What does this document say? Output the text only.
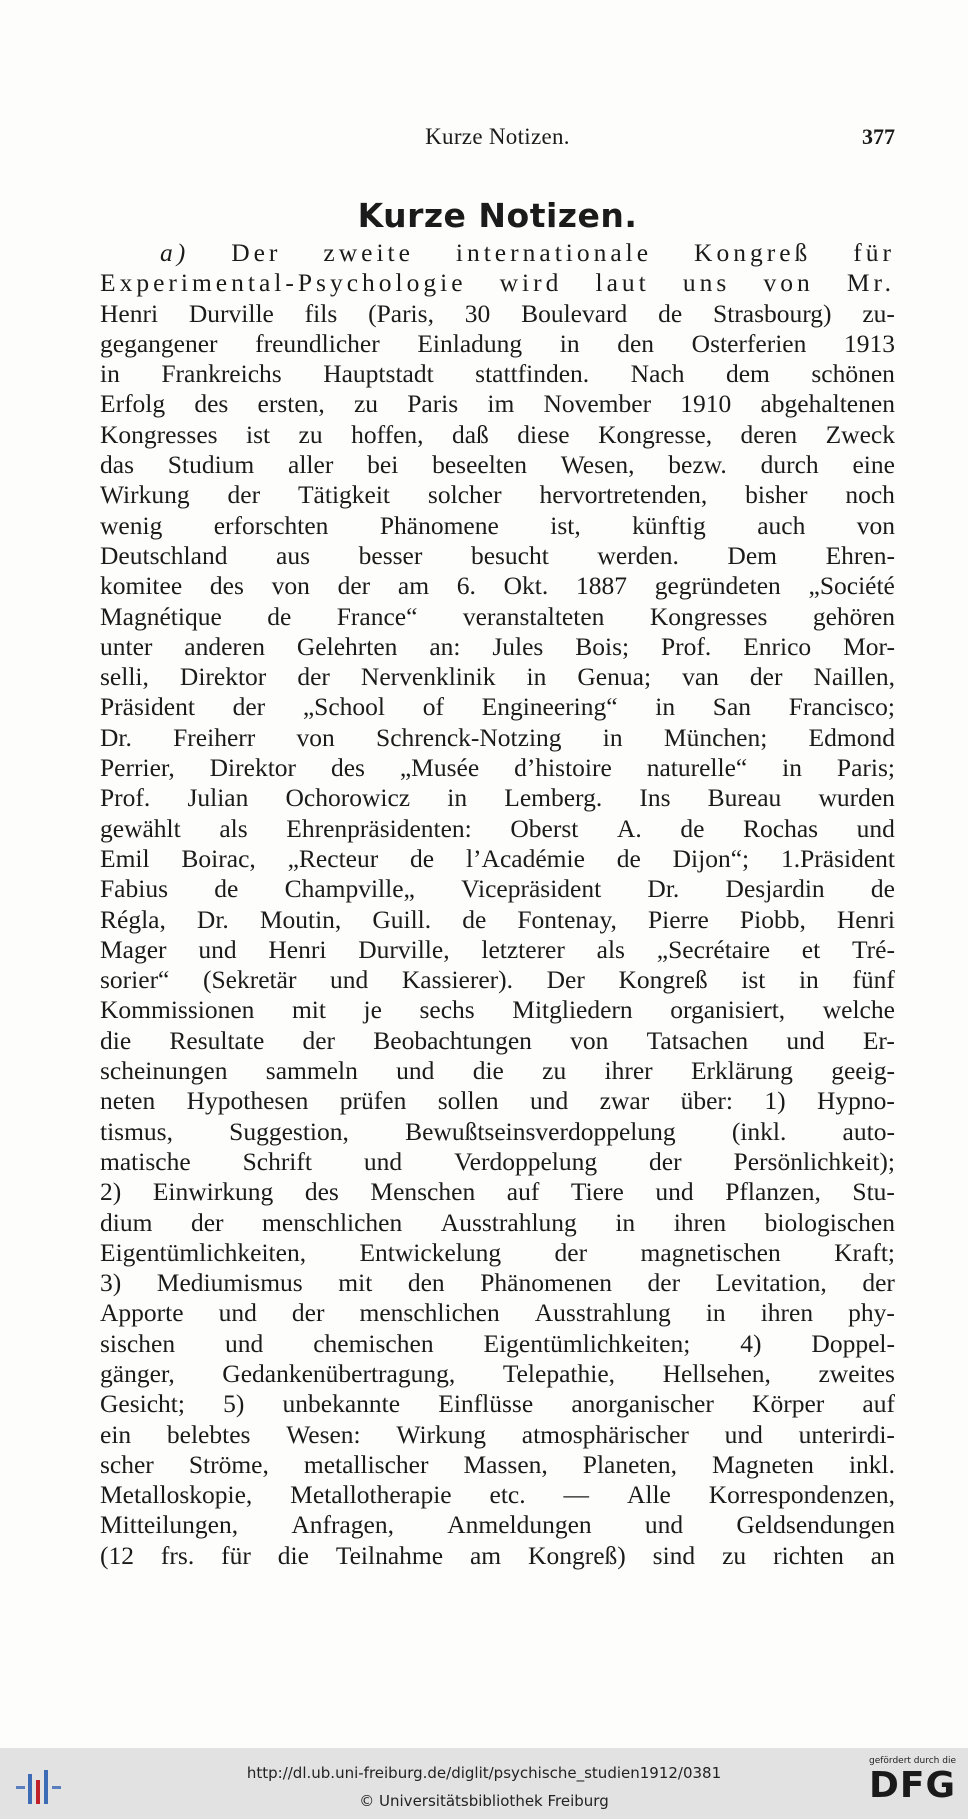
Kurze Notizen.	377
Kurze Notizen.
a) Der zweite internationale Kongreß für
Experimental-Psychologie wird laut uns von Mr.
Henri Durville fils (Paris, 30 Boulevard de Strasbourg) zu-
gegangener freundlicher Einladung in den Osterferien 1913
in Frankreichs Hauptstadt stattfinden. Nach dem schönen
Erfolg des ersten, zu Paris im November 1910 abgehaltenen
Kongresses ist zu hoffen, daß diese Kongresse, deren Zweck
das Studium aller bei beseelten Wesen, bezw. durch eine
Wirkung der Tätigkeit solcher hervortretenden, bisher noch
wenig erforschten Phänomene ist, künftig auch von
Deutschland aus besser besucht werden. Dem Ehren-
komitee des von der am 6. Okt. 1887 gegründeten „Société
Magnétique de France“ veranstalteten Kongresses gehören
unter anderen Gelehrten an: Jules Bois; Prof. Enrico Mor-
selli, Direktor der Nervenklinik in Genua; van der Naillen,
Präsident der „School of Engineering“ in San Francisco;
Dr. Freiherr von Schrenck-Notzing in München; Edmond
Perrier, Direktor des „Musée d’histoire naturelle“ in Paris;
Prof. Julian Ochorowicz in Lemberg. Ins Bureau wurden
gewählt als Ehrenpräsidenten: Oberst A. de Rochas und
Emil Boirac, „Recteur de l’Académie de Dijon“; 1.Präsident
Fabius de Champville„ Vicepräsident Dr. Desjardin de
Régla, Dr. Moutin, Guill. de Fontenay, Pierre Piobb, Henri
Mager und Henri Durville, letzterer als „Secrétaire et Tré-
sorier“ (Sekretär und Kassierer). Der Kongreß ist in fünf
Kommissionen mit je sechs Mitgliedern organisiert, welche
die Resultate der Beobachtungen von Tatsachen und Er-
scheinungen sammeln und die zu ihrer Erklärung geeig-
neten Hypothesen prüfen sollen und zwar über: 1) Hypno-
tismus, Suggestion, Bewußtseinsverdoppelung (inkl. auto-
matische Schrift und Verdoppelung der Persönlichkeit);
2) Einwirkung des Menschen auf Tiere und Pflanzen, Stu-
dium der menschlichen Ausstrahlung in ihren biologischen
Eigentümlichkeiten, Entwickelung der magnetischen Kraft;
3) Mediumismus mit den Phänomenen der Levitation, der
Apporte und der menschlichen Ausstrahlung in ihren phy-
sischen und chemischen Eigentümlichkeiten; 4) Doppel-
gänger, Gedankenübertragung, Telepathie, Hellsehen, zweites
Gesicht; 5) unbekannte Einflüsse anorganischer Körper auf
ein belebtes Wesen: Wirkung atmosphärischer und unterirdi-
scher Ströme, metallischer Massen, Planeten, Magneten inkl.
Metalloskopie, Metallotherapie etc. — Alle Korrespondenzen,
Mitteilungen, Anfragen, Anmeldungen und Geldsendungen
(12 frs. für die Teilnahme am Kongreß) sind zu richten an
http://dl.ub.uni-freiburg.de/diglit/psychische_studien1912/0381
© Universitätsbibliothek Freiburg
gefördert durch die
DFG
